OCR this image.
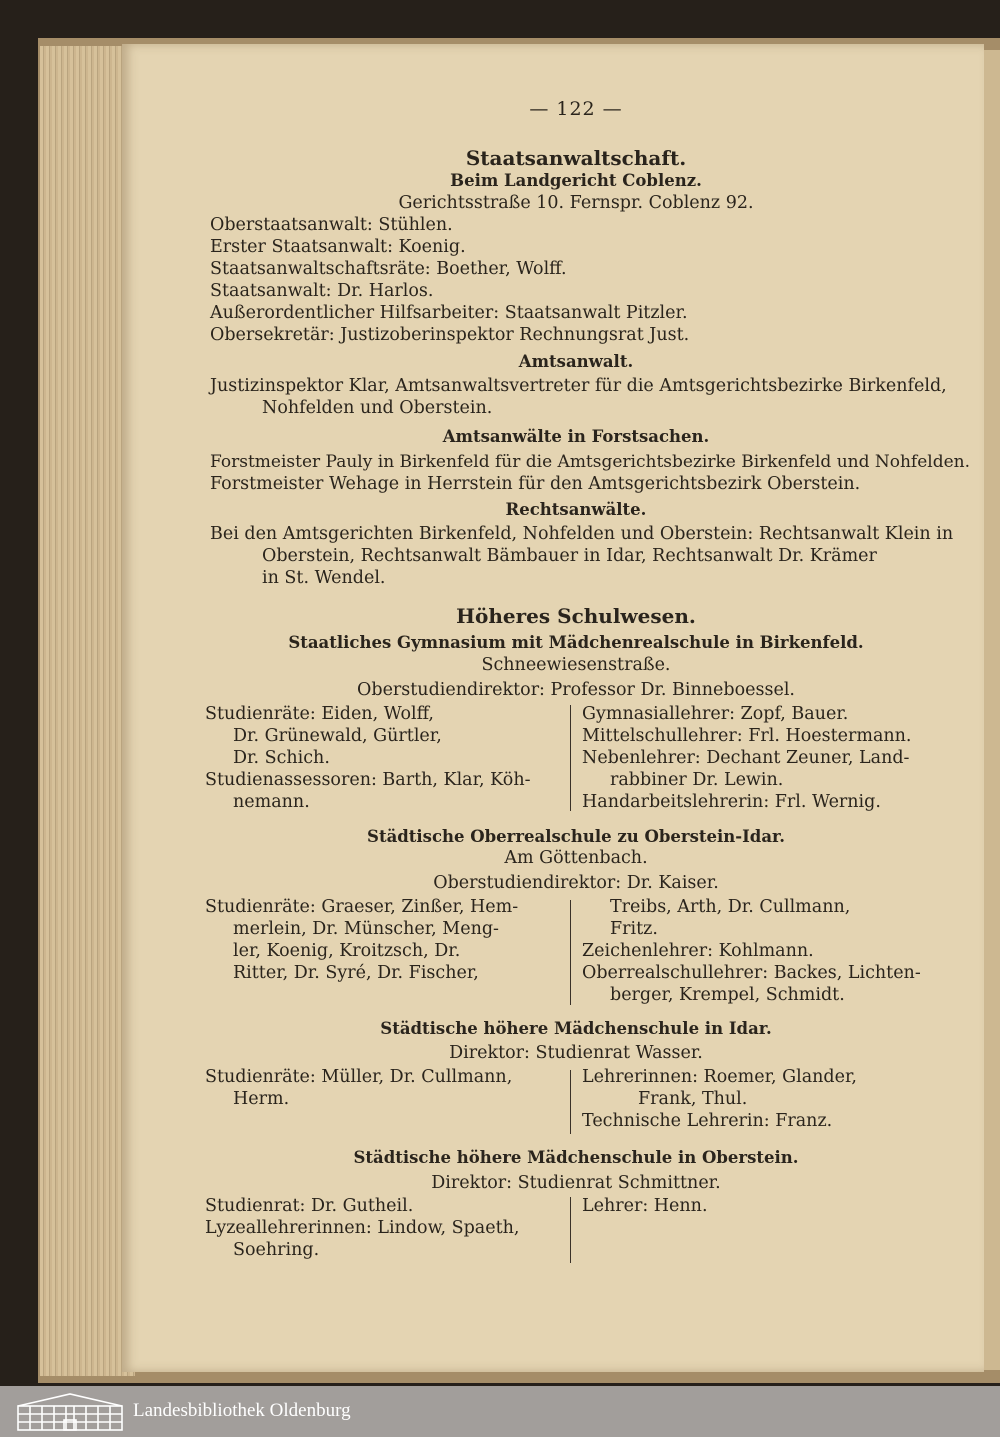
— 122 —
Staatsanwaltschaft.
Beim Landgericht Coblenz.
Gerichtsstraße 10. Fernspr. Coblenz 92.
Oberstaatsanwalt: Stühlen.
Erster Staatsanwalt: Koenig.
Staatsanwaltschaftsräte: Boether, Wolff.
Staatsanwalt: Dr. Harlos.
Außerordentlicher Hilfsarbeiter: Staatsanwalt Pitzler.
Obersekretär: Justizoberinspektor Rechnungsrat Just.
Amtsanwalt.
Justizinspektor Klar, Amtsanwaltsvertreter für die Amtsgerichtsbezirke Birkenfeld,
Nohfelden und Oberstein.
Amtsanwälte in Forstsachen.
Forstmeister Pauly in Birkenfeld für die Amtsgerichtsbezirke Birkenfeld und Nohfelden.
Forstmeister Wehage in Herrstein für den Amtsgerichtsbezirk Oberstein.
Rechtsanwälte.
Bei den Amtsgerichten Birkenfeld, Nohfelden und Oberstein: Rechtsanwalt Klein in
Oberstein, Rechtsanwalt Bämbauer in Idar, Rechtsanwalt Dr. Krämer
in St. Wendel.
Höheres Schulwesen.
Staatliches Gymnasium mit Mädchenrealschule in Birkenfeld.
Schneewiesenstraße.
Oberstudiendirektor: Professor Dr. Binneboessel.
Studienräte: Eiden, Wolff,
Dr. Grünewald, Gürtler,
Dr. Schich.
Studienassessoren: Barth, Klar, Köh-
nemann.
Gymnasiallehrer: Zopf, Bauer.
Mittelschullehrer: Frl. Hoestermann.
Nebenlehrer: Dechant Zeuner, Land-
rabbiner Dr. Lewin.
Handarbeitslehrerin: Frl. Wernig.
Städtische Oberrealschule zu Oberstein-Idar.
Am Göttenbach.
Oberstudiendirektor: Dr. Kaiser.
Studienräte: Graeser, Zinßer, Hem-
merlein, Dr. Münscher, Meng-
ler, Koenig, Kroitzsch, Dr.
Ritter, Dr. Syré, Dr. Fischer,
Treibs, Arth, Dr. Cullmann,
Fritz.
Zeichenlehrer: Kohlmann.
Oberrealschullehrer: Backes, Lichten-
berger, Krempel, Schmidt.
Städtische höhere Mädchenschule in Idar.
Direktor: Studienrat Wasser.
Studienräte: Müller, Dr. Cullmann,
Herm.
Lehrerinnen: Roemer, Glander,
Frank, Thul.
Technische Lehrerin: Franz.
Städtische höhere Mädchenschule in Oberstein.
Direktor: Studienrat Schmittner.
Studienrat: Dr. Gutheil.
Lyzeallehrerinnen: Lindow, Spaeth,
Soehring.
Lehrer: Henn.
Landesbibliothek Oldenburg
